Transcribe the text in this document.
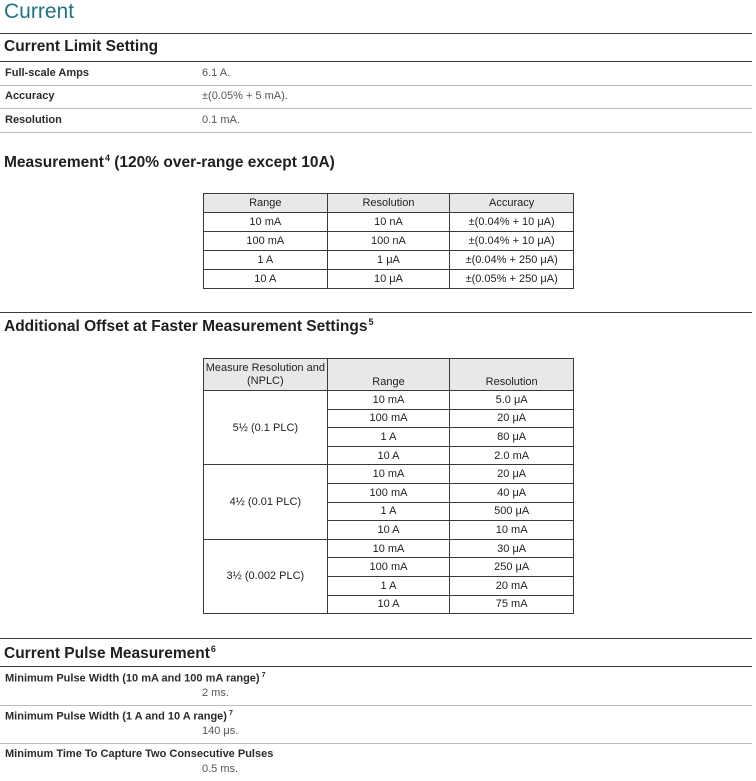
Current
Current Limit Setting
Full-scale Amps	6.1 A.
Accuracy	±(0.05% + 5 mA).
Resolution	0.1 mA.
Measurement$^4$ (120% over-range except 10A)
Range	Resolution	Accuracy
10 mA	10 nA	±(0.04% + 10 μA)
100 mA	100 nA	±(0.04% + 10 μA)
1 A	1 μA	±(0.04% + 250 μA)
10 A	10 μA	±(0.05% + 250 μA)
Additional Offset at Faster Measurement Settings$^5$
Measure Resolution and (NPLC)	Range	Resolution
5½ (0.1 PLC)	10 mA	5.0 μA
	100 mA	20 μA
	1 A	80 μA
	10 A	2.0 mA
4½ (0.01 PLC)	10 mA	20 μA
	100 mA	40 μA
	1 A	500 μA
	10 A	10 mA
3½ (0.002 PLC)	10 mA	30 μA
	100 mA	250 μA
	1 A	20 mA
	10 A	75 mA
Current Pulse Measurement$^6$
Minimum Pulse Width (10 mA and 100 mA range) $^7$
2 ms.
Minimum Pulse Width (1 A and 10 A range) $^7$
140 μs.
Minimum Time To Capture Two Consecutive Pulses
0.5 ms.
